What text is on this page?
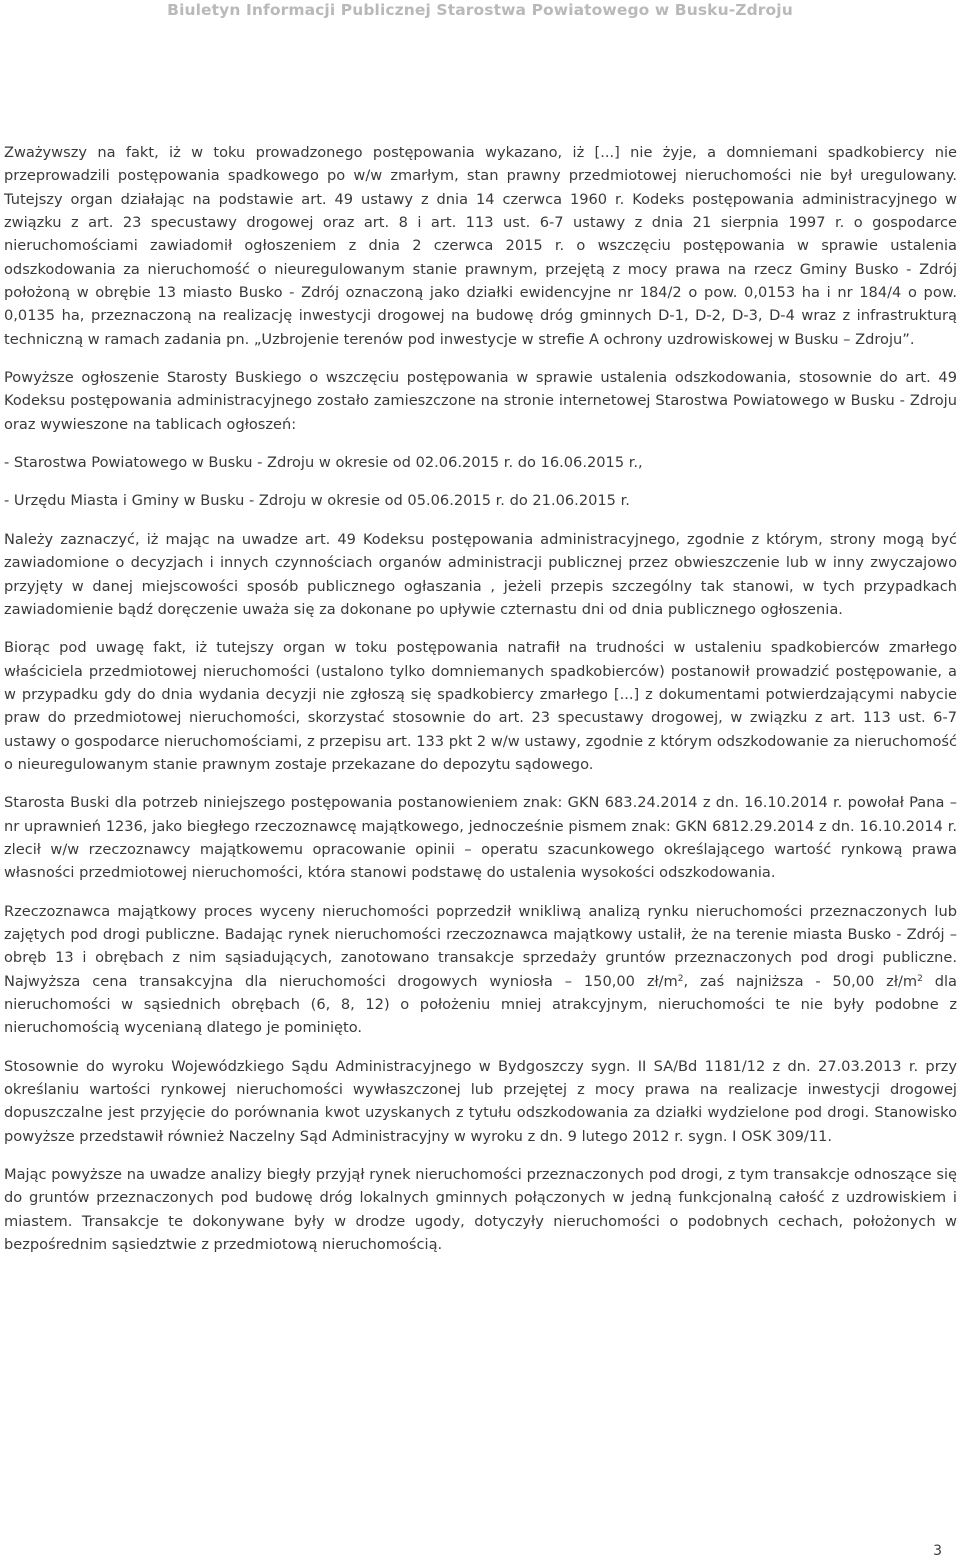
Biuletyn Informacji Publicznej Starostwa Powiatowego w Busku-Zdroju

Zważywszy na fakt, iż w toku prowadzonego postępowania wykazano, iż [...] nie żyje, a domniemani spadkobiercy nie przeprowadzili postępowania spadkowego po w/w zmarłym, stan prawny przedmiotowej nieruchomości nie był uregulowany. Tutejszy organ działając na podstawie art. 49 ustawy z dnia 14 czerwca 1960 r. Kodeks postępowania administracyjnego w związku z art. 23 specustawy drogowej oraz art. 8 i art. 113 ust. 6-7 ustawy z dnia 21 sierpnia 1997 r. o gospodarce nieruchomościami zawiadomił ogłoszeniem z dnia 2 czerwca 2015 r. o wszczęciu postępowania w sprawie ustalenia odszkodowania za nieruchomość o nieuregulowanym stanie prawnym, przejętą z mocy prawa na rzecz Gminy Busko - Zdrój położoną w obrębie 13 miasto Busko - Zdrój oznaczoną jako działki ewidencyjne nr 184/2 o pow. 0,0153 ha i nr 184/4 o pow. 0,0135 ha, przeznaczoną na realizację inwestycji drogowej na budowę dróg gminnych D-1, D-2, D-3, D-4 wraz z infrastrukturą techniczną w ramach zadania pn. „Uzbrojenie terenów pod inwestycje w strefie A ochrony uzdrowiskowej w Busku – Zdroju”.

Powyższe ogłoszenie Starosty Buskiego o wszczęciu postępowania w sprawie ustalenia odszkodowania, stosownie do art. 49 Kodeksu postępowania administracyjnego zostało zamieszczone na stronie internetowej Starostwa Powiatowego w Busku - Zdroju oraz wywieszone na tablicach ogłoszeń:

- Starostwa Powiatowego w Busku - Zdroju w okresie od 02.06.2015 r. do 16.06.2015 r.,

- Urzędu Miasta i Gminy w Busku - Zdroju w okresie od 05.06.2015 r. do 21.06.2015 r.

Należy zaznaczyć, iż mając na uwadze art. 49 Kodeksu postępowania administracyjnego, zgodnie z którym, strony mogą być zawiadomione o decyzjach i innych czynnościach organów administracji publicznej przez obwieszczenie lub w inny zwyczajowo przyjęty w danej miejscowości sposób publicznego ogłaszania , jeżeli przepis szczególny tak stanowi, w tych przypadkach zawiadomienie bądź doręczenie uważa się za dokonane po upływie czternastu dni od dnia publicznego ogłoszenia.

Biorąc pod uwagę fakt, iż tutejszy organ w toku postępowania natrafił na trudności w ustaleniu spadkobierców zmarłego właściciela przedmiotowej nieruchomości (ustalono tylko domniemanych spadkobierców) postanowił prowadzić postępowanie, a w przypadku gdy do dnia wydania decyzji nie zgłoszą się spadkobiercy zmarłego [...] z dokumentami potwierdzającymi nabycie praw do przedmiotowej nieruchomości, skorzystać stosownie do art. 23 specustawy drogowej, w związku z art. 113 ust. 6-7 ustawy o gospodarce nieruchomościami, z przepisu art. 133 pkt 2 w/w ustawy, zgodnie z którym odszkodowanie za nieruchomość o nieuregulowanym stanie prawnym zostaje przekazane do depozytu sądowego.

Starosta Buski dla potrzeb niniejszego postępowania postanowieniem znak: GKN 683.24.2014 z dn. 16.10.2014 r. powołał Pana – nr uprawnień 1236, jako biegłego rzeczoznawcę majątkowego, jednocześnie pismem znak: GKN 6812.29.2014 z dn. 16.10.2014 r. zlecił w/w rzeczoznawcy majątkowemu opracowanie opinii – operatu szacunkowego określającego wartość rynkową prawa własności przedmiotowej nieruchomości, która stanowi podstawę do ustalenia wysokości odszkodowania.

Rzeczoznawca majątkowy proces wyceny nieruchomości poprzedził wnikliwą analizą rynku nieruchomości przeznaczonych lub zajętych pod drogi publiczne. Badając rynek nieruchomości rzeczoznawca majątkowy ustalił, że na terenie miasta Busko - Zdrój – obręb 13 i obrębach z nim sąsiadujących, zanotowano transakcje sprzedaży gruntów przeznaczonych pod drogi publiczne. Najwyższa cena transakcyjna dla nieruchomości drogowych wyniosła – 150,00 $zł/m^2$, zaś najniższa - 50,00 $zł/m^2$ dla nieruchomości w sąsiednich obrębach (6, 8, 12) o położeniu mniej atrakcyjnym, nieruchomości te nie były podobne z nieruchomością wycenianą dlatego je pominięto.

Stosownie do wyroku Wojewódzkiego Sądu Administracyjnego w Bydgoszczy sygn. II SA/Bd 1181/12 z dn. 27.03.2013 r. przy określaniu wartości rynkowej nieruchomości wywłaszczonej lub przejętej z mocy prawa na realizacje inwestycji drogowej dopuszczalne jest przyjęcie do porównania kwot uzyskanych z tytułu odszkodowania za działki wydzielone pod drogi. Stanowisko powyższe przedstawił również Naczelny Sąd Administracyjny w wyroku z dn. 9 lutego 2012 r. sygn. I OSK 309/11.

Mając powyższe na uwadze analizy biegły przyjął rynek nieruchomości przeznaczonych pod drogi, z tym transakcje odnoszące się do gruntów przeznaczonych pod budowę dróg lokalnych gminnych połączonych w jedną funkcjonalną całość z uzdrowiskiem i miastem. Transakcje te dokonywane były w drodze ugody, dotyczyły nieruchomości o podobnych cechach, położonych w bezpośrednim sąsiedztwie z przedmiotową nieruchomością.

3
